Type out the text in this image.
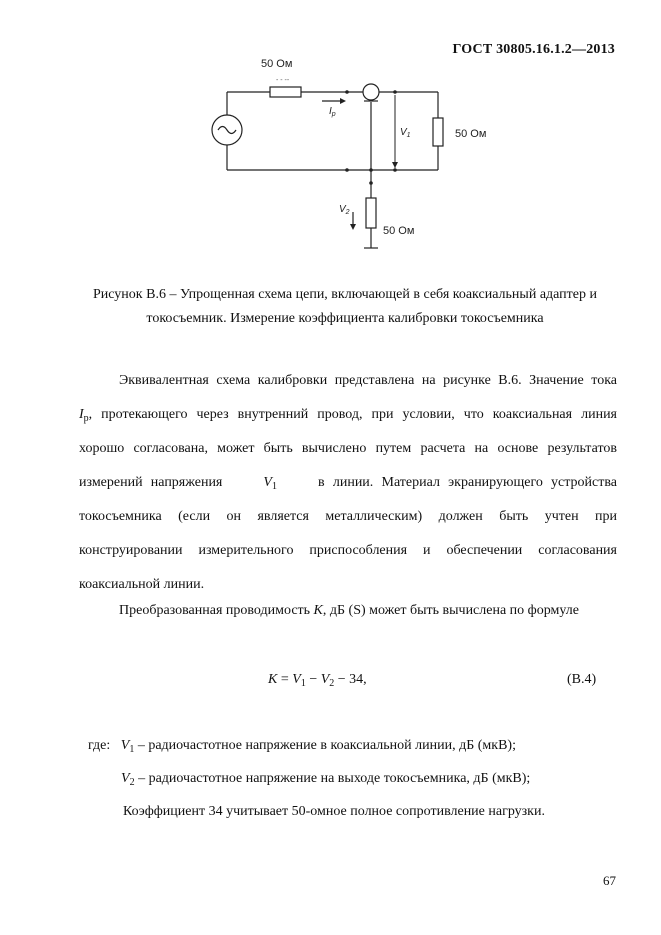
ГОСТ 30805.16.1.2—2013
50 Ом
- - --
50 Ом
50 Ом
$I_p$
$V_1$
$V_2$
Рисунок В.6 – Упрощенная схема цепи, включающей в себя коаксиальный адаптер и
токосъемник. Измерение коэффициента калибровки токосъемника
Эквивалентная схема калибровки представлена на рисунке В.6. Значение тока
$I_p$, протекающего через внутренний провод, при условии, что коаксиальная линия
хорошо согласована, может быть вычислено путем расчета на основе результатов
измерений напряжения	$V_1$	в линии. Материал экранирующего устройства
токосъемника (если он является металлическим) должен быть учтен при
конструировании измерительного приспособления и обеспечении согласования
коаксиальной линии.
Преобразованная проводимость K, дБ (S) может быть вычислена по формуле
$K = V_1 - V_2 - 34$,	(В.4)
где: $V_1$ – радиочастотное напряжение в коаксиальной линии, дБ (мкВ);
$V_2$ – радиочастотное напряжение на выходе токосъемника, дБ (мкВ);
Коэффициент 34 учитывает 50-омное полное сопротивление нагрузки.
67
